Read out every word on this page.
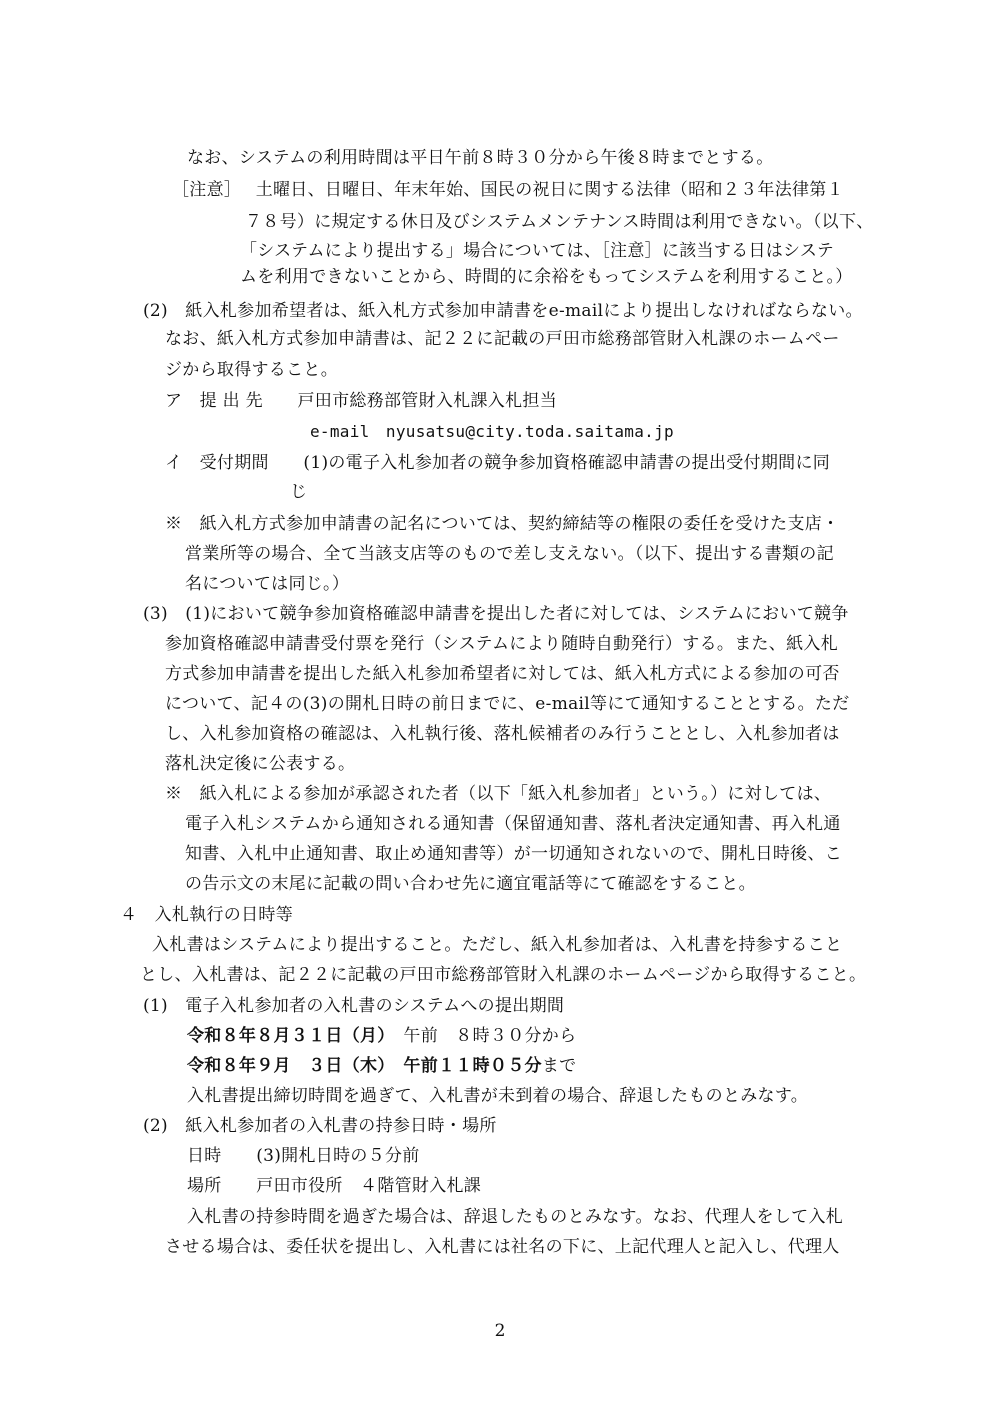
なお、システムの利用時間は平日午前８時３０分から午後８時までとする。
［注意］　 土曜日、日曜日、年末年始、国民の祝日に関する法律（昭和２３年法律第１
７８号）に規定する休日及びシステムメンテナンス時間は利用できない。（以下、
「システムにより提出する」場合については、［注意］に該当する日はシステ
ムを利用できないことから、時間的に余裕をもってシステムを利用すること。）
(2)　紙入札参加希望者は、紙入札方式参加申請書をe-mailにより提出しなければならない。
なお、紙入札方式参加申請書は、記２２に記載の戸田市総務部管財入札課のホームペー
ジから取得すること。
ア　提 出 先　　戸田市総務部管財入札課入札担当
e-mail　nyusatsu@city.toda.saitama.jp
イ　受付期間　　(1)の電子入札参加者の競争参加資格確認申請書の提出受付期間に同
じ
※　紙入札方式参加申請書の記名については、契約締結等の権限の委任を受けた支店・
営業所等の場合、全て当該支店等のもので差し支えない。（以下、提出する書類の記
名については同じ。）
(3)　(1)において競争参加資格確認申請書を提出した者に対しては、システムにおいて競争
参加資格確認申請書受付票を発行（システムにより随時自動発行）する。また、紙入札
方式参加申請書を提出した紙入札参加希望者に対しては、紙入札方式による参加の可否
について、記４の(3)の開札日時の前日までに、e-mail等にて通知することとする。ただ
し、入札参加資格の確認は、入札執行後、落札候補者のみ行うこととし、入札参加者は
落札決定後に公表する。
※　紙入札による参加が承認された者（以下「紙入札参加者」という。）に対しては、
電子入札システムから通知される通知書（保留通知書、落札者決定通知書、再入札通
知書、入札中止通知書、取止め通知書等）が一切通知されないので、開札日時後、こ
の告示文の末尾に記載の問い合わせ先に適宜電話等にて確認をすること。
４　入札執行の日時等
入札書はシステムにより提出すること。ただし、紙入札参加者は、入札書を持参すること
とし、入札書は、記２２に記載の戸田市総務部管財入札課のホームページから取得すること。
(1)　電子入札参加者の入札書のシステムへの提出期間
令和８年８月３１日（月）　午前　８時３０分から
令和８年９月　３日（木）　午前１１時０５分まで
入札書提出締切時間を過ぎて、入札書が未到着の場合、辞退したものとみなす。
(2)　紙入札参加者の入札書の持参日時・場所
日時　　(3)開札日時の５分前
場所　　戸田市役所　４階管財入札課
入札書の持参時間を過ぎた場合は、辞退したものとみなす。なお、代理人をして入札
させる場合は、委任状を提出し、入札書には社名の下に、上記代理人と記入し、代理人
2
